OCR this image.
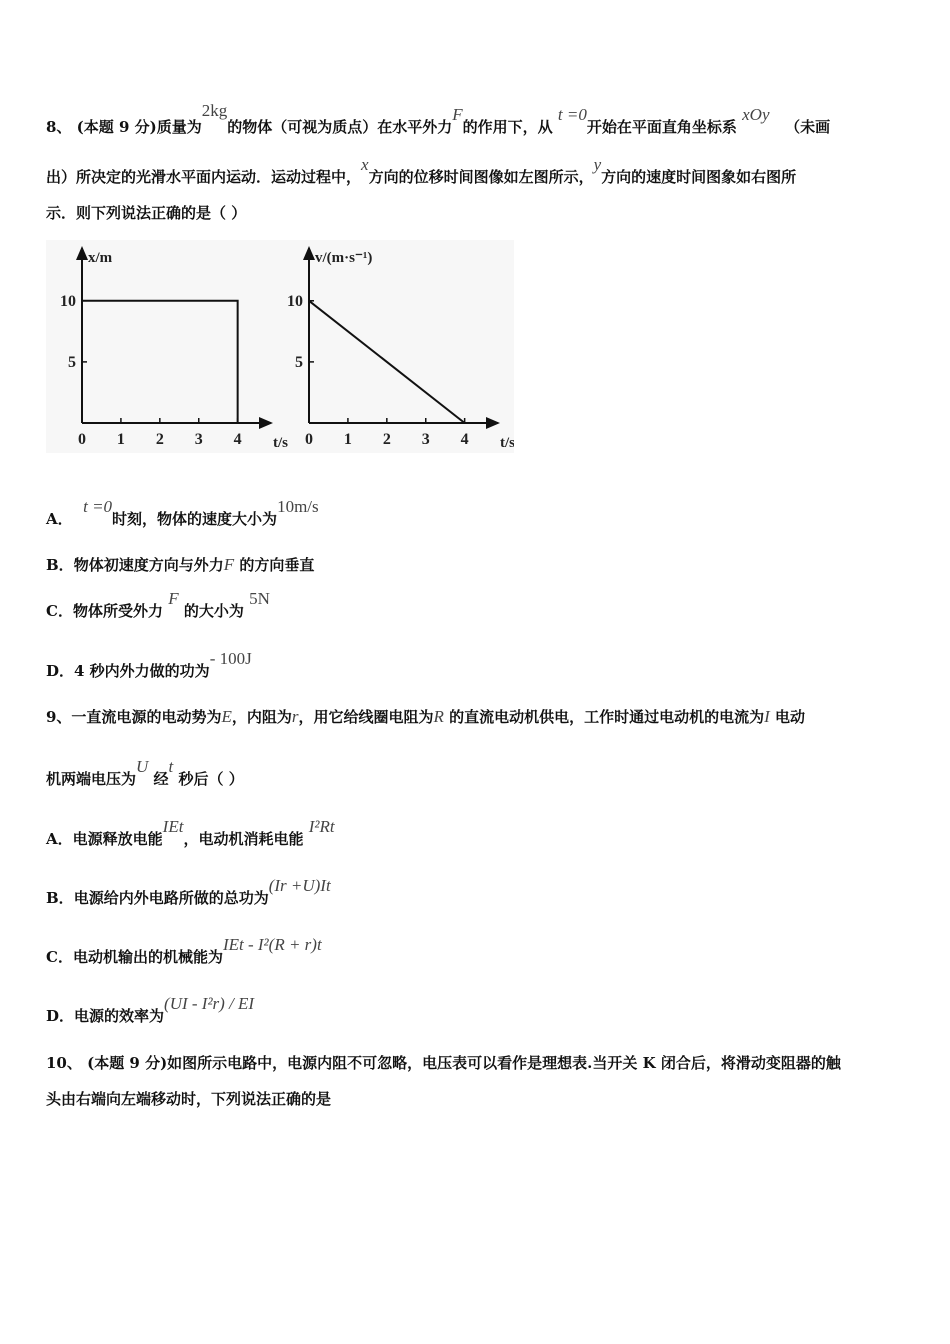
8、 (本题 9 分)质量为2kg的物体（可视为质点）在水平外力F的作用下，从 t =0开始在平面直角坐标系 xOy   （未画
出）所决定的光滑水平面内运动．运动过程中，x方向的位移时间图像如左图所示，y方向的速度时间图象如右图所
示．则下列说法正确的是（ ）
0 1 2 3 4
5
10
t/s
x/m
0 1 2 3 4
5
10
t/s
v/(m·s⁻¹)
A．  t =0时刻，物体的速度大小为10m/s
B．物体初速度方向与外力F 的方向垂直
C．物体所受外力 F 的大小为 5N
D．4 秒内外力做的功为- 100J
9、一直流电源的电动势为E，内阻为r，用它给线圈电阻为R 的直流电动机供电，工作时通过电动机的电流为I 电动
机两端电压为U 经t 秒后（ ）
A．电源释放电能IEt，电动机消耗电能 I²Rt
B．电源给内外电路所做的总功为(Ir +U)It
C．电动机输出的机械能为IEt - I²(R + r)t
D．电源的效率为(UI - I²r) / EI
10、 (本题 9 分)如图所示电路中，电源内阻不可忽略，电压表可以看作是理想表.当开关 K 闭合后，将滑动变阻器的触
头由右端向左端移动时，下列说法正确的是
